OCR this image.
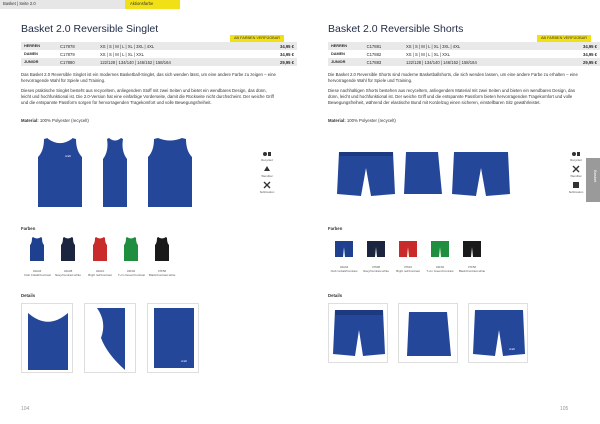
Basket | Seite 2.0	Aktionsfarbe
Basket 2.0 Reversible Singlet
AB FARBEN VERFÜGBAR
HERREN	C17878	XS | S | M | L | XL | 3XL | 4XL	34,95 €
DAMEN	C17879	XS | S | M | L | XL | XXL	34,95 €
JUNIOR	C17880	122/128 | 134/140 | 146/152 | 158/164	29,95 €

Das Basket 2.0 Reversible Singlet ist ein modernes Basketball-Singlet, das sich wenden lässt, um eine andere Farbe zu zeigen – eine hervorragende Wahl für Spiele und Training.

Dieses praktische Singlet besteht aus recyceltem, anliegendem Stoff mit zwei Seiten und bietet ein wendbares Design, das dünn, leicht und hochfunktional ist. Die 2.0-Version hat eine einfarbige Vorderseite, damit die Rückseite nicht durchscheint. Der weiche Griff und die entspannte Passform sorgen für hervorragenden Tragekomfort und volle Bewegungsfreiheit.

Material: 100% Polyester (recycelt)
craft
Recycled
Wendbar
Sublimation
Farben
34A04
Club Cobalt/Contrast
34A08
Navy/Contrast white
34A10
Brght red/Contrast
34F02
T-cm Green/Contrast
37F56
Black/Contrast white
Details
craft
104
Basket 2.0 Reversible Shorts
AB FARBEN VERFÜGBAR
HERREN	C17881	XS | S | M | L | XL | 3XL | 4XL	34,95 €
DAMEN	C17882	XS | S | M | L | XL | XXL	34,95 €
JUNIOR	C17883	122/128 | 134/140 | 146/152 | 158/164	29,95 €

Die Basket 2.0 Reversible Shorts sind moderne Basketballshorts, die sich wenden lassen, um eine andere Farbe zu erhalten – eine hervorragende Wahl für Spiele und Training.

Diese nachhaltigen Shorts bestehen aus recyceltem, anliegendem Material mit zwei Seiten und bieten ein wendbares Design, das dünn, leicht und hochfunktional ist. Der weiche Griff und die entspannte Passform bieten hervorragenden Tragekomfort und volle Bewegungsfreiheit, während der elastische Bund mit Kordelzug einen sicheren, einstellbaren Sitz gewährleistet.

Material: 100% Polyester (recycelt)
Recycled
Wendbar
Sublimation
Basket
Farben
34A04
Club Cobalt/Contrast
37608
Navy/Contrast white
37610
Brght red/Contrast
34F02
T-cm Green/Contrast
37F56
Black/Contrast white
Details
craft
105
